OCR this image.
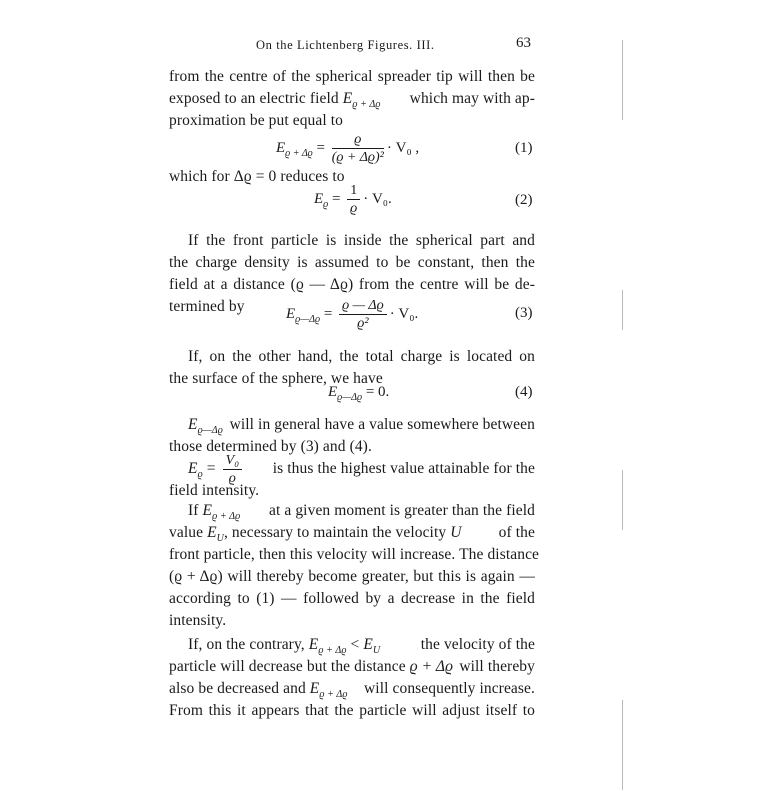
On the Lichtenberg Figures. III.	63
from the centre of the spherical spreader tip will then be
exposed to an electric field $E_{ϱ + \Delta ϱ}$ which may with ap-
proximation be put equal to
$E_{ϱ + \Delta ϱ} = \frac{ϱ}{\text{(ϱ + Δϱ)²}} \cdot V_0$ ,	(1)
which for Δϱ = 0 reduces to
$E_ϱ = \frac{1}{ϱ} \cdot V_0$.	(2)
If the front particle is inside the spherical part and
the charge density is assumed to be constant, then the
field at a distance (ϱ — Δϱ) from the centre will be de-
termined by	$E_{ϱ—\Delta ϱ} = \frac{ϱ — \Delta ϱ}{\text{ϱ²}} \cdot V_0$.	(3)
If, on the other hand, the total charge is located on
the surface of the sphere, we have
$E_{ϱ—\Delta ϱ} = 0$.	(4)
$E_{ϱ—\Delta ϱ}$ will in general have a value somewhere between
those determined by (3) and (4).
$E_ϱ = \frac{\text{V₀}}{ϱ}$ is thus the highest value attainable for the
field intensity.
If $E_{ϱ + \Delta ϱ}$ at a given moment is greater than the field
value $E_U$, necessary to maintain the velocity U of the
front particle, then this velocity will increase. The distance
(ϱ + Δϱ) will thereby become greater, but this is again —
according to (1) — followed by a decrease in the field
intensity.
If, on the contrary, $E_{ϱ + \Delta ϱ} < E_U$	the velocity of the
particle will decrease but the distance ϱ + Δϱ will thereby
also be decreased and $E_{ϱ + \Delta ϱ}$ will consequently increase.
From this it appears that the particle will adjust itself to
